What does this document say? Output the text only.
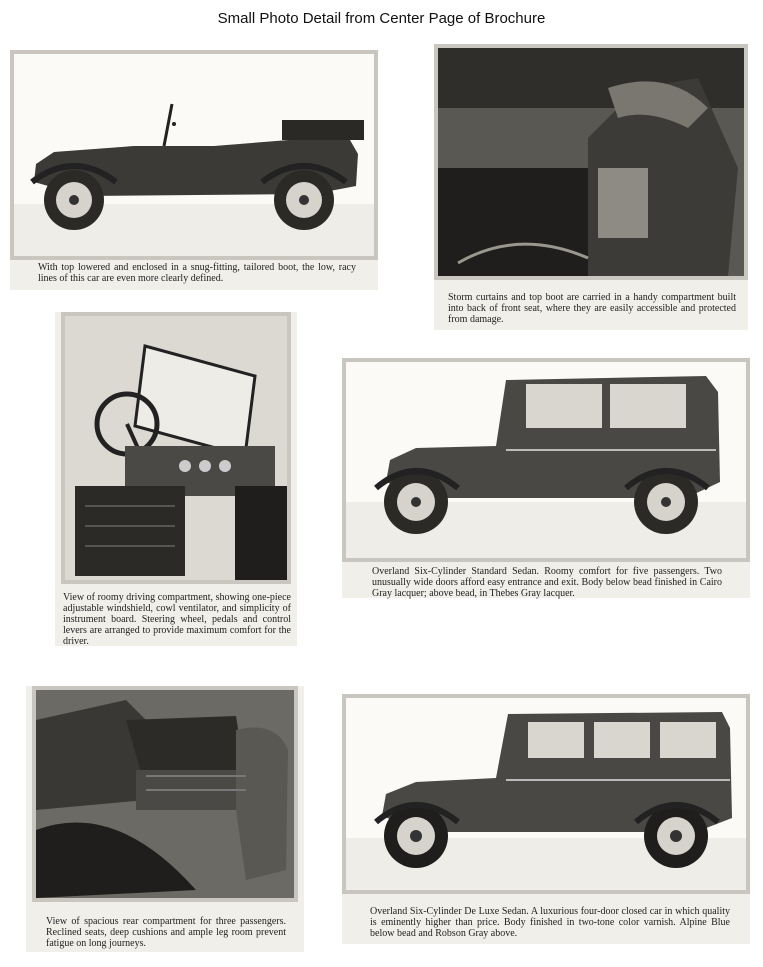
Small Photo Detail from Center Page of Brochure
With top lowered and enclosed in a snug-fitting, tailored boot, the low, racy lines of this car are even more clearly defined.
Storm curtains and top boot are carried in a handy compartment built into back of front seat, where they are easily accessible and protected from damage.
View of roomy driving compartment, showing one-piece adjustable windshield, cowl ventilator, and simplicity of instrument board. Steering wheel, pedals and control levers are arranged to provide maximum comfort for the driver.
Overland Six-Cylinder Standard Sedan. Roomy comfort for five passengers. Two unusually wide doors afford easy entrance and exit. Body below bead finished in Cairo Gray lacquer; above bead, in Thebes Gray lacquer.
View of spacious rear compartment for three passengers. Reclined seats, deep cushions and ample leg room prevent fatigue on long journeys.
Overland Six-Cylinder De Luxe Sedan. A luxurious four-door closed car in which quality is eminently higher than price. Body finished in two-tone color varnish. Alpine Blue below bead and Robson Gray above.
